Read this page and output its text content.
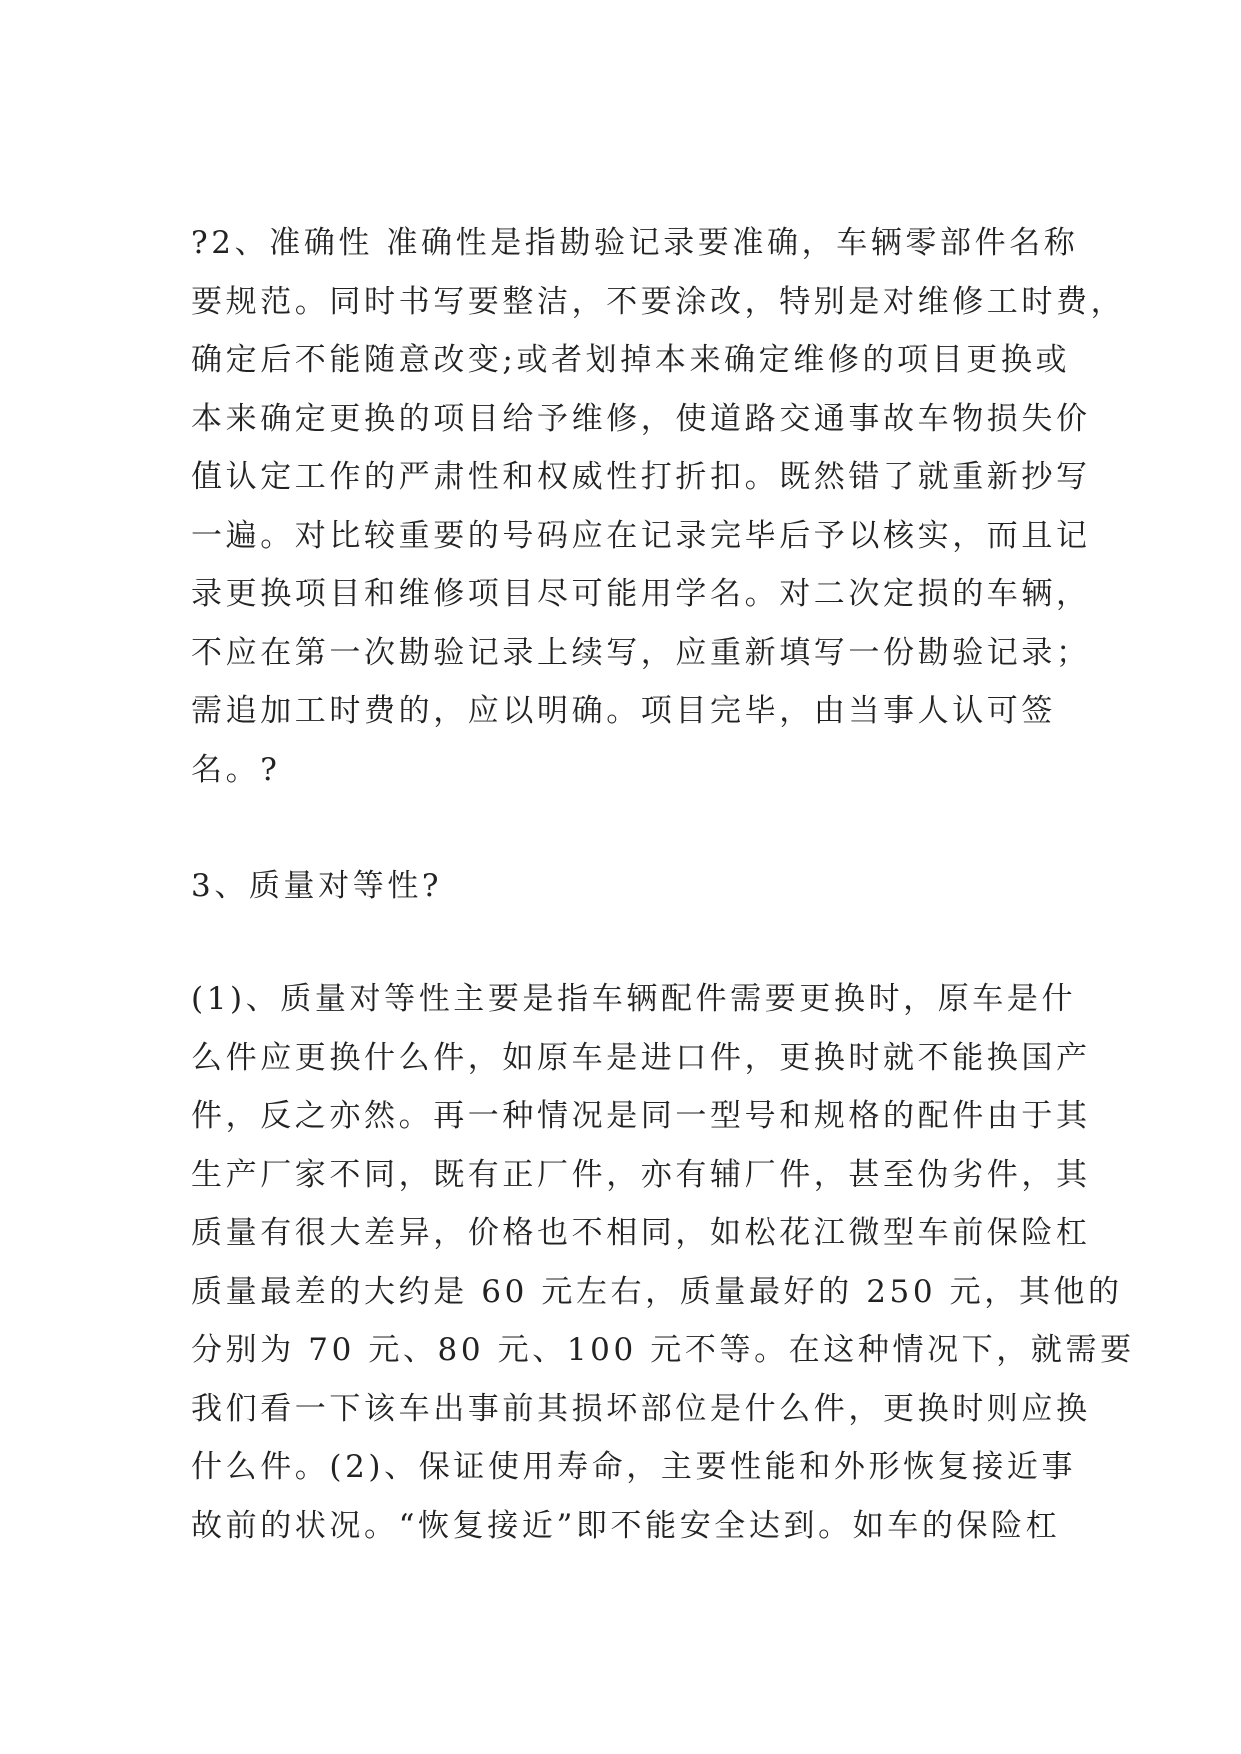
?2、准确性 准确性是指勘验记录要准确，车辆零部件名称
要规范。同时书写要整洁，不要涂改，特别是对维修工时费，
确定后不能随意改变;或者划掉本来确定维修的项目更换或
本来确定更换的项目给予维修，使道路交通事故车物损失价
值认定工作的严肃性和权威性打折扣。既然错了就重新抄写
一遍。对比较重要的号码应在记录完毕后予以核实，而且记
录更换项目和维修项目尽可能用学名。对二次定损的车辆，
不应在第一次勘验记录上续写，应重新填写一份勘验记录；
需追加工时费的，应以明确。项目完毕，由当事人认可签
名。?
3、质量对等性?
(1)、质量对等性主要是指车辆配件需要更换时，原车是什
么件应更换什么件，如原车是进口件，更换时就不能换国产
件，反之亦然。再一种情况是同一型号和规格的配件由于其
生产厂家不同，既有正厂件，亦有辅厂件，甚至伪劣件，其
质量有很大差异，价格也不相同，如松花江微型车前保险杠
质量最差的大约是 60 元左右，质量最好的 250 元，其他的
分别为 70 元、80 元、100 元不等。在这种情况下，就需要
我们看一下该车出事前其损坏部位是什么件，更换时则应换
什么件。(2)、保证使用寿命，主要性能和外形恢复接近事
故前的状况。“恢复接近”即不能安全达到。如车的保险杠
